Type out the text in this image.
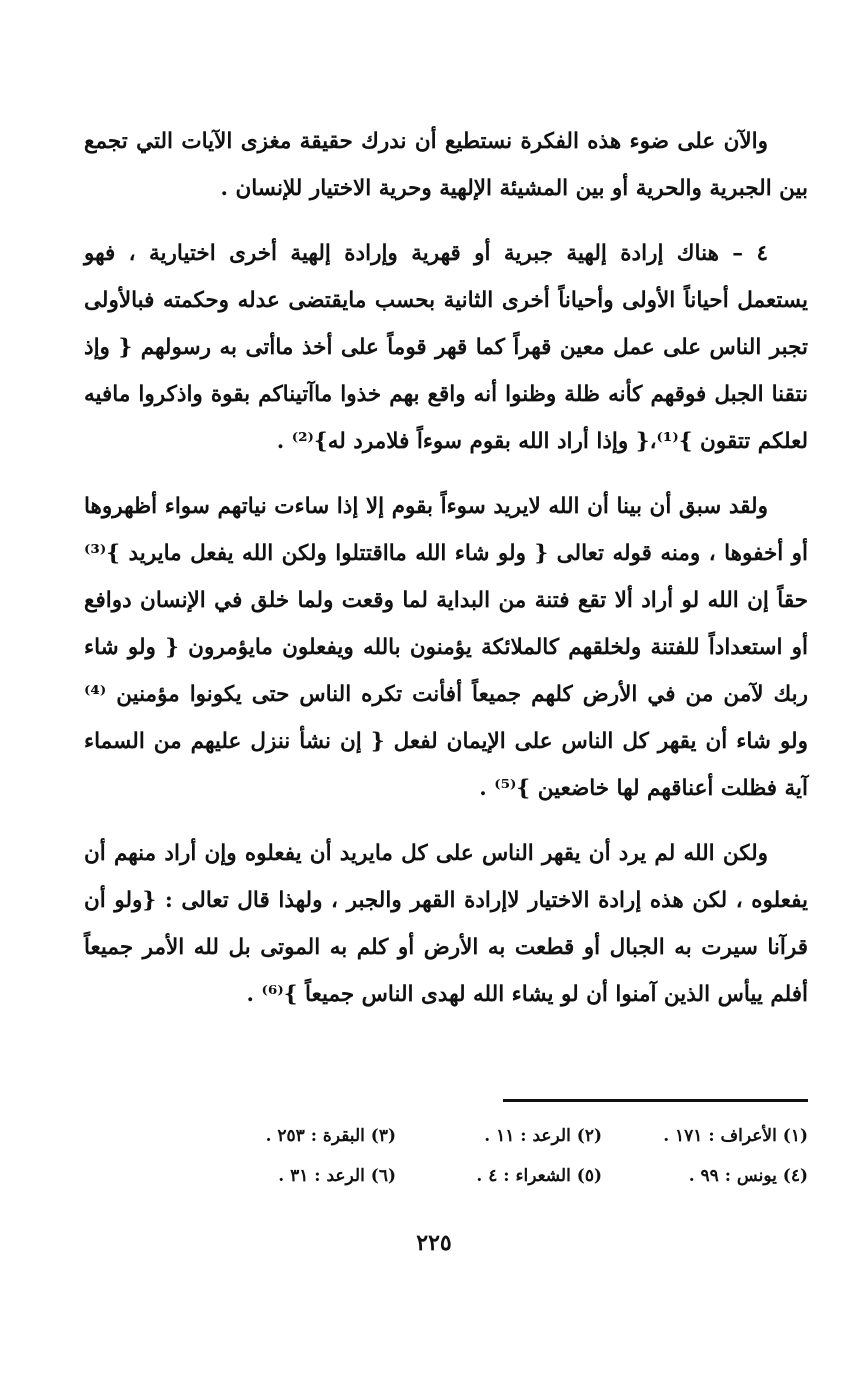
والآن على ضوء هذه الفكرة نستطيع أن ندرك حقيقة مغزى الآيات التي تجمع بين الجبرية والحرية أو بين المشيئة الإلهية وحرية الاختيار للإنسان .

٤ – هناك إرادة إلهية جبرية أو قهرية وإرادة إلهية أخرى اختيارية ، فهو يستعمل أحياناً الأولى وأحياناً أخرى الثانية بحسب مايقتضى عدله وحكمته فبالأولى تجبر الناس على عمل معين قهراً كما قهر قوماً على أخذ ماأتى به رسولهم { وإذ نتقنا الجبل فوقهم كأنه ظلة وظنوا أنه واقع بهم خذوا ماآتيناكم بقوة واذكروا مافيه لعلكم تتقون }⁽¹⁾،{ وإذا أراد الله بقوم سوءاً فلامرد له}⁽²⁾ .

ولقد سبق أن بينا أن الله لايريد سوءاً بقوم إلا إذا ساءت نياتهم سواء أظهروها أو أخفوها ، ومنه قوله تعالى { ولو شاء الله مااقتتلوا ولكن الله يفعل مايريد }⁽³⁾ حقاً إن الله لو أراد ألا تقع فتنة من البداية لما وقعت ولما خلق في الإنسان دوافع أو استعداداً للفتنة ولخلقهم كالملائكة يؤمنون بالله ويفعلون مايؤمرون { ولو شاء ربك لآمن من في الأرض كلهم جميعاً أفأنت تكره الناس حتى يكونوا مؤمنين ⁽⁴⁾ ولو شاء أن يقهر كل الناس على الإيمان لفعل { إن نشأ ننزل عليهم من السماء آية فظلت أعناقهم لها خاضعين }⁽⁵⁾ .

ولكن الله لم يرد أن يقهر الناس على كل مايريد أن يفعلوه وإن أراد منهم أن يفعلوه ، لكن هذه إرادة الاختيار لاإرادة القهر والجبر ، ولهذا قال تعالى : {ولو أن قرآنا سيرت به الجبال أو قطعت به الأرض أو كلم به الموتى بل لله الأمر جميعاً أفلم ييأس الذين آمنوا أن لو يشاء الله لهدى الناس جميعاً }⁽⁶⁾ .

(١) الأعراف : ١٧١ .
(٢) الرعد : ١١ .
(٣) البقرة : ٢٥٣ .
(٤) يونس : ٩٩ .
(٥) الشعراء : ٤ .
(٦) الرعد : ٣١ .
٢٢٥
